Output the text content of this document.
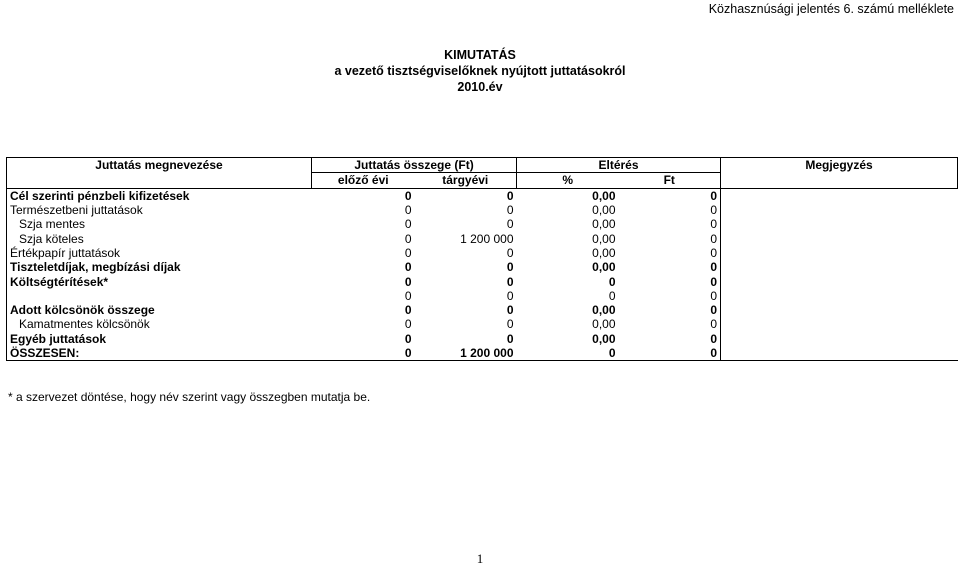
Közhasznúsági jelentés 6. számú melléklete
KIMUTATÁS
a vezető tisztségviselőknek nyújtott juttatásokról
2010.év
Juttatás megnevezése	Juttatás összege (Ft)		Eltérés		Megjegyzés
	előző évi	tárgyévi	%	Ft	
Cél szerinti pénzbeli kifizetések	0	0	0,00	0	
Természetbeni juttatások	0	0	0,00	0	
Szja mentes	0	0	0,00	0	
Szja köteles	0	1 200 000	0,00	0	
Értékpapír juttatások	0	0	0,00	0	
Tiszteletdíjak, megbízási díjak	0	0	0,00	0	
Költségtérítések*	0	0	0	0	
	0	0	0	0	
Adott kölcsönök összege	0	0	0,00	0	
Kamatmentes kölcsönök	0	0	0,00	0	
Egyéb juttatások	0	0	0,00	0	
ÖSSZESEN:	0	1 200 000	0	0	
* a szervezet döntése, hogy név szerint vagy összegben mutatja be.
1
